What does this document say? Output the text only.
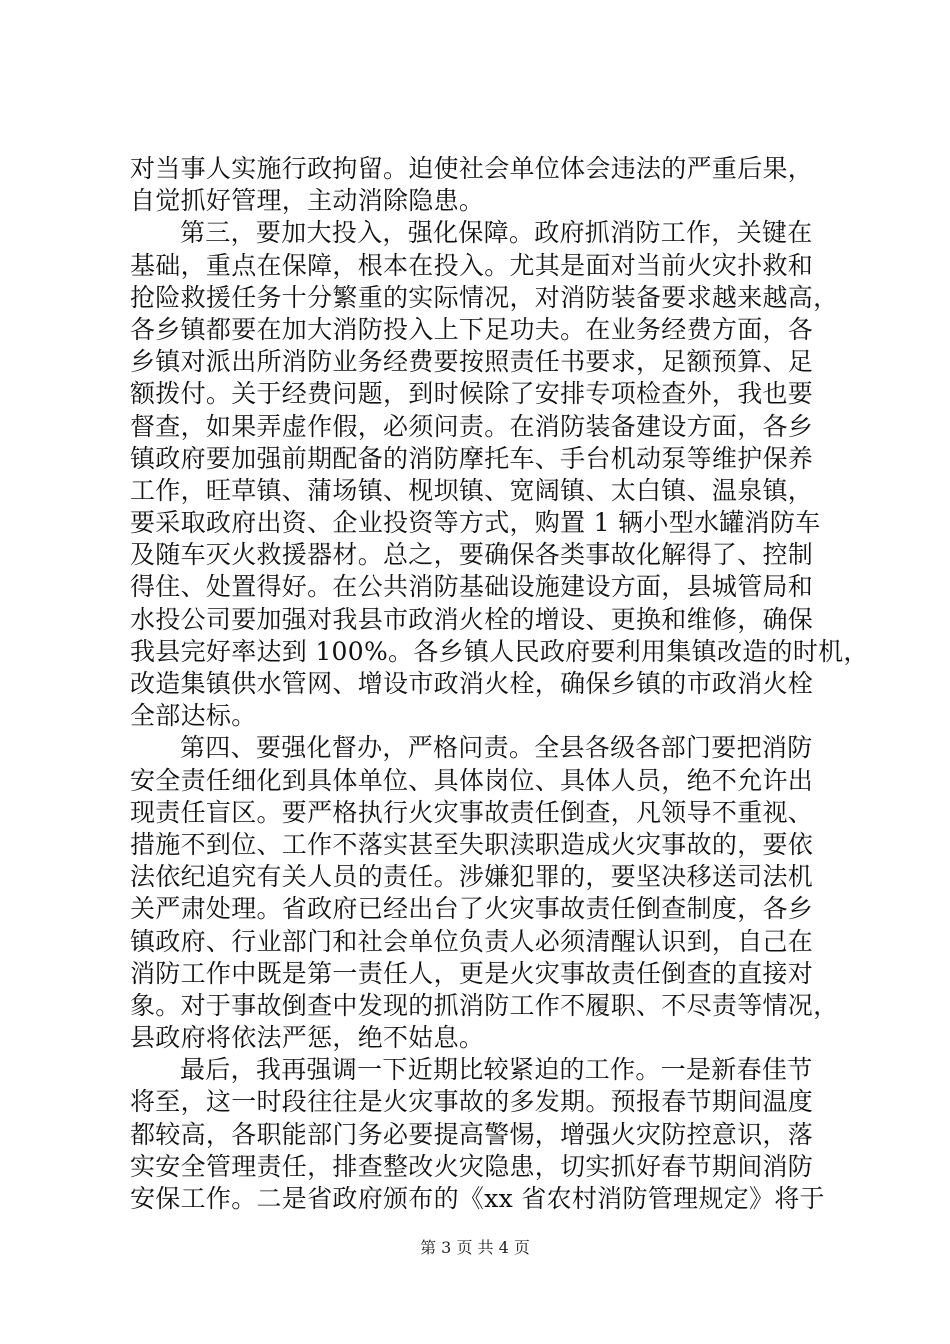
对当事人实施行政拘留。迫使社会单位体会违法的严重后果，
自觉抓好管理，主动消除隐患。
第三，要加大投入，强化保障。政府抓消防工作，关键在
基础，重点在保障，根本在投入。尤其是面对当前火灾扑救和
抢险救援任务十分繁重的实际情况，对消防装备要求越来越高，
各乡镇都要在加大消防投入上下足功夫。在业务经费方面，各
乡镇对派出所消防业务经费要按照责任书要求，足额预算、足
额拨付。关于经费问题，到时候除了安排专项检查外，我也要
督查，如果弄虚作假，必须问责。在消防装备建设方面，各乡
镇政府要加强前期配备的消防摩托车、手台机动泵等维护保养
工作，旺草镇、蒲场镇、枧坝镇、宽阔镇、太白镇、温泉镇，
要采取政府出资、企业投资等方式，购置 1 辆小型水罐消防车
及随车灭火救援器材。总之，要确保各类事故化解得了、控制
得住、处置得好。在公共消防基础设施建设方面，县城管局和
水投公司要加强对我县市政消火栓的增设、更换和维修，确保
我县完好率达到 100%。各乡镇人民政府要利用集镇改造的时机，
改造集镇供水管网、增设市政消火栓，确保乡镇的市政消火栓
全部达标。
第四、要强化督办，严格问责。全县各级各部门要把消防
安全责任细化到具体单位、具体岗位、具体人员，绝不允许出
现责任盲区。要严格执行火灾事故责任倒查，凡领导不重视、
措施不到位、工作不落实甚至失职渎职造成火灾事故的，要依
法依纪追究有关人员的责任。涉嫌犯罪的，要坚决移送司法机
关严肃处理。省政府已经出台了火灾事故责任倒查制度，各乡
镇政府、行业部门和社会单位负责人必须清醒认识到，自己在
消防工作中既是第一责任人，更是火灾事故责任倒查的直接对
象。对于事故倒查中发现的抓消防工作不履职、不尽责等情况，
县政府将依法严惩，绝不姑息。
最后，我再强调一下近期比较紧迫的工作。一是新春佳节
将至，这一时段往往是火灾事故的多发期。预报春节期间温度
都较高，各职能部门务必要提高警惕，增强火灾防控意识，落
实安全管理责任，排查整改火灾隐患，切实抓好春节期间消防
安保工作。二是省政府颁布的《xx 省农村消防管理规定》将于
第 3 页 共 4 页
